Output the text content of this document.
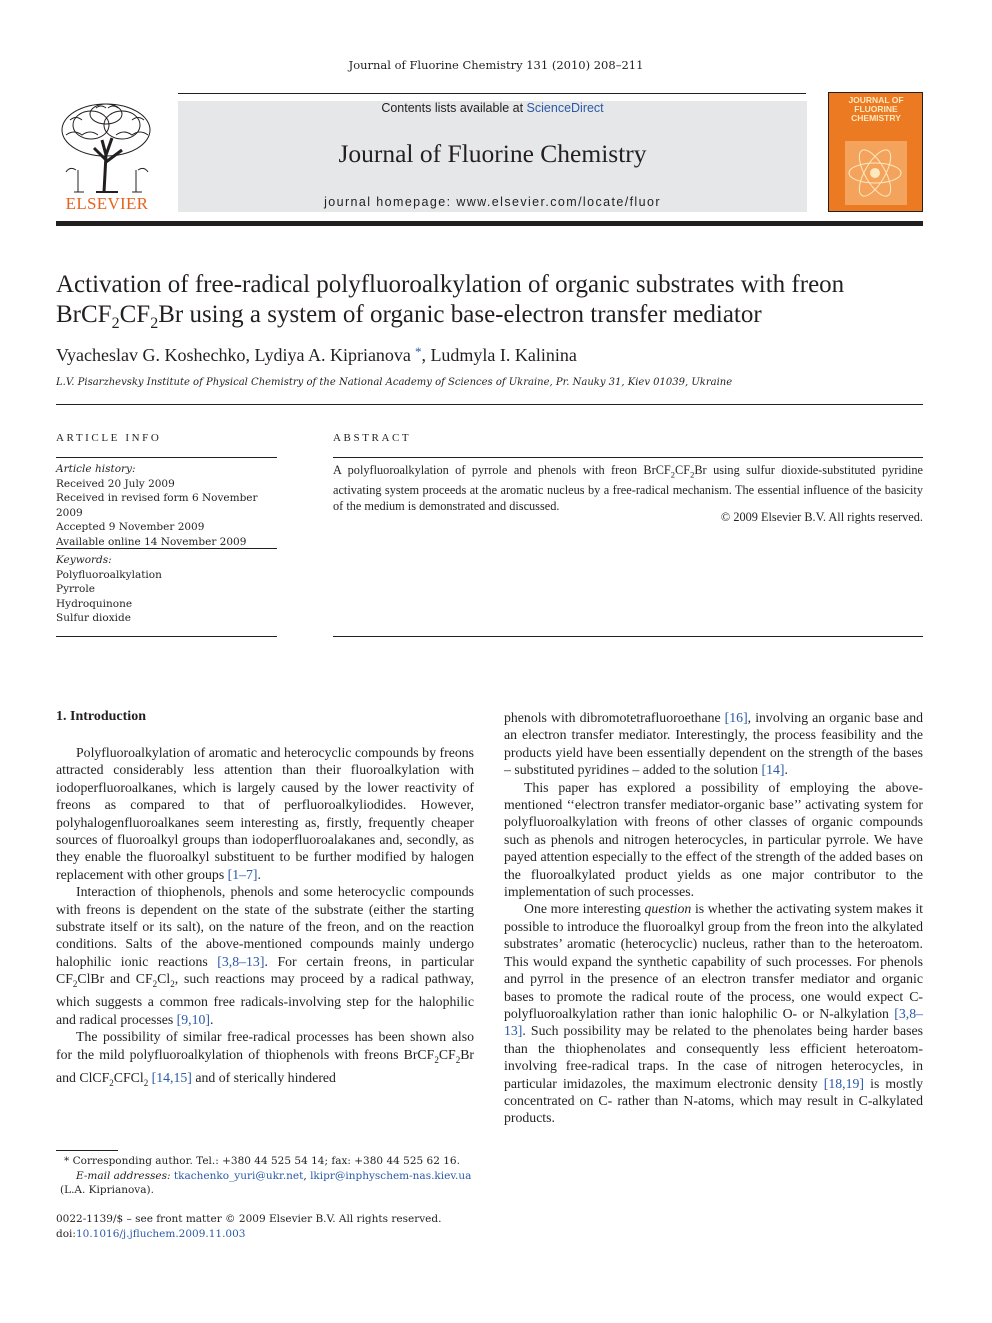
Journal of Fluorine Chemistry 131 (2010) 208–211
ELSEVIER
Contents lists available at ScienceDirect
Journal of Fluorine Chemistry
journal homepage: www.elsevier.com/locate/fluor
JOURNAL OF FLUORINE CHEMISTRY
Activation of free-radical polyfluoroalkylation of organic substrates with freon $BrCF_2CF_2Br$ using a system of organic base-electron transfer mediator
Vyacheslav G. Koshechko, Lydiya A. Kiprianova *, Ludmyla I. Kalinina
L.V. Pisarzhevsky Institute of Physical Chemistry of the National Academy of Sciences of Ukraine, Pr. Nauky 31, Kiev 01039, Ukraine
ARTICLE INFO
Article history:
Received 20 July 2009
Received in revised form 6 November 2009
Accepted 9 November 2009
Available online 14 November 2009
Keywords:
Polyfluoroalkylation
Pyrrole
Hydroquinone
Sulfur dioxide
ABSTRACT
A polyfluoroalkylation of pyrrole and phenols with freon $BrCF_2CF_2Br$ using sulfur dioxide-substituted pyridine activating system proceeds at the aromatic nucleus by a free-radical mechanism. The essential influence of the basicity of the medium is demonstrated and discussed.
© 2009 Elsevier B.V. All rights reserved.
1. Introduction

Polyfluoroalkylation of aromatic and heterocyclic compounds by freons attracted considerably less attention than their fluoroalkylation with iodoperfluoroalkanes, which is largely caused by the lower reactivity of freons as compared to that of perfluoroalkyliodides. However, polyhalogenfluoroalkanes seem interesting as, firstly, frequently cheaper sources of fluoroalkyl groups than iodoperfluoroalakanes and, secondly, as they enable the fluoroalkyl substituent to be further modified by halogen replacement with other groups [1–7].

Interaction of thiophenols, phenols and some heterocyclic compounds with freons is dependent on the state of the substrate (either the starting substrate itself or its salt), on the nature of the freon, and on the reaction conditions. Salts of the above-mentioned compounds mainly undergo halophilic ionic reactions [3,8–13]. For certain freons, in particular $CF_2ClBr$ and $CF_2Cl_2$, such reactions may proceed by a radical pathway, which suggests a common free radicals-involving step for the halophilic and radical processes [9,10].

The possibility of similar free-radical processes has been shown also for the mild polyfluoroalkylation of thiophenols with freons $BrCF_2CF_2Br$ and ClCF$_2$CFCl$_2$ [14,15] and of sterically hindered

phenols with dibromotetrafluoroethane [16], involving an organic base and an electron transfer mediator. Interestingly, the process feasibility and the products yield have been essentially dependent on the strength of the bases – substituted pyridines – added to the solution [14].

This paper has explored a possibility of employing the above-mentioned ‘‘electron transfer mediator-organic base’’ activating system for polyfluoroalkylation with freons of other classes of organic compounds such as phenols and nitrogen heterocycles, in particular pyrrole. We have payed attention especially to the effect of the strength of the added bases on the fluoroalkylated product yields as one major contributor to the implementation of such processes.

One more interesting question is whether the activating system makes it possible to introduce the fluoroalkyl group from the freon into the alkylated substrates’ aromatic (heterocyclic) nucleus, rather than to the heteroatom. This would expand the synthetic capability of such processes. For phenols and pyrrol in the presence of an electron transfer mediator and organic bases to promote the radical route of the process, one would expect C-polyfluoroalkylation rather than ionic halophilic O- or N-alkylation [3,8–13]. Such possibility may be related to the phenolates being harder bases than the thiophenolates and consequently less efficient heteroatom-involving free-radical traps. In the case of nitrogen heterocycles, in particular imidazoles, the maximum electronic density [18,19] is mostly concentrated on C- rather than N-atoms, which may result in C-alkylated products.

* Corresponding author. Tel.: +380 44 525 54 14; fax: +380 44 525 62 16.
E-mail addresses: tkachenko_yuri@ukr.net, lkipr@inphyschem-nas.kiev.ua
(L.A. Kiprianova).
0022-1139/$ – see front matter © 2009 Elsevier B.V. All rights reserved.
doi:10.1016/j.jfluchem.2009.11.003
